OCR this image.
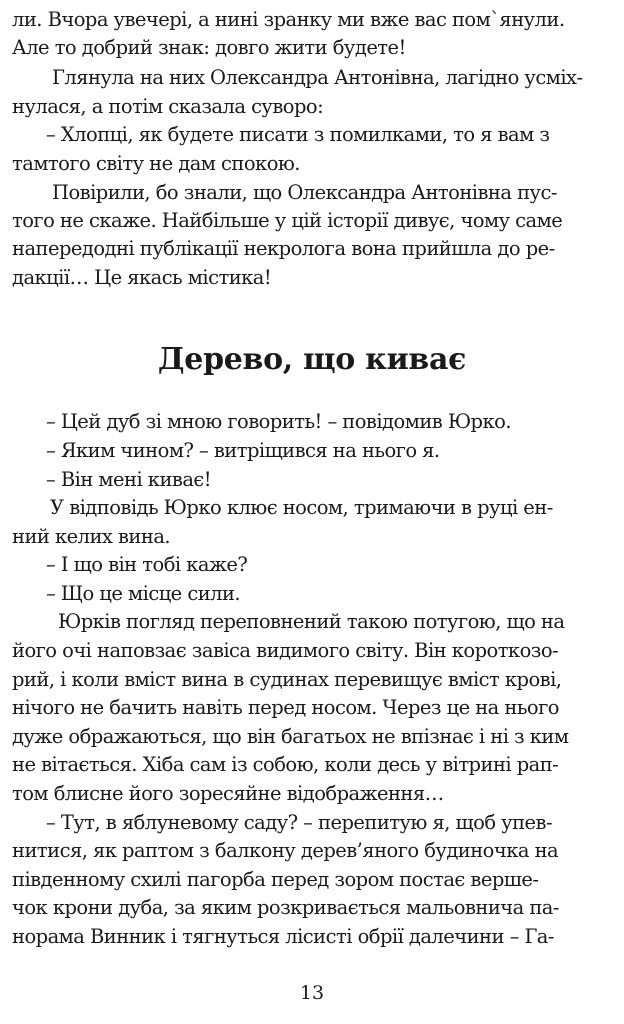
ли. Вчора увечері, а нині зранку ми вже вас пом`янули.
Але то добрий знак: довго жити будете!
Глянула на них Олександра Антонівна, лагідно усміх-
нулася, а потім сказала суворо:
– Хлопці, як будете писати з помилками, то я вам з
тамтого світу не дам спокою.
Повірили, бо знали, що Олександра Антонівна пус-
того не скаже. Найбільше у цій історії дивує, чому саме
напередодні публікації некролога вона прийшла до ре-
дакції… Це якась містика!
Дерево, що киває
– Цей дуб зі мною говорить! – повідомив Юрко.
– Яким чином? – витріщився на нього я.
– Він мені киває!
У відповідь Юрко клює носом, тримаючи в руці ен-
ний келих вина.
– І що він тобі каже?
– Що це місце сили.
Юрків погляд переповнений такою потугою, що на
його очі наповзає завіса видимого світу. Він короткозо-
рий, і коли вміст вина в судинах перевищує вміст крові,
нічого не бачить навіть перед носом. Через це на нього
дуже ображаються, що він багатьох не впізнає і ні з ким
не вітається. Хіба сам із собою, коли десь у вітрині рап-
том блисне його зоресяйне відображення…
– Тут, в яблуневому саду? – перепитую я, щоб упев-
нитися, як раптом з балкону дерев’яного будиночка на
південному схилі пагорба перед зором постає верше-
чок крони дуба, за яким розкривається мальовнича па-
норама Винник і тягнуться лісисті обрії далечини – Га-
13
